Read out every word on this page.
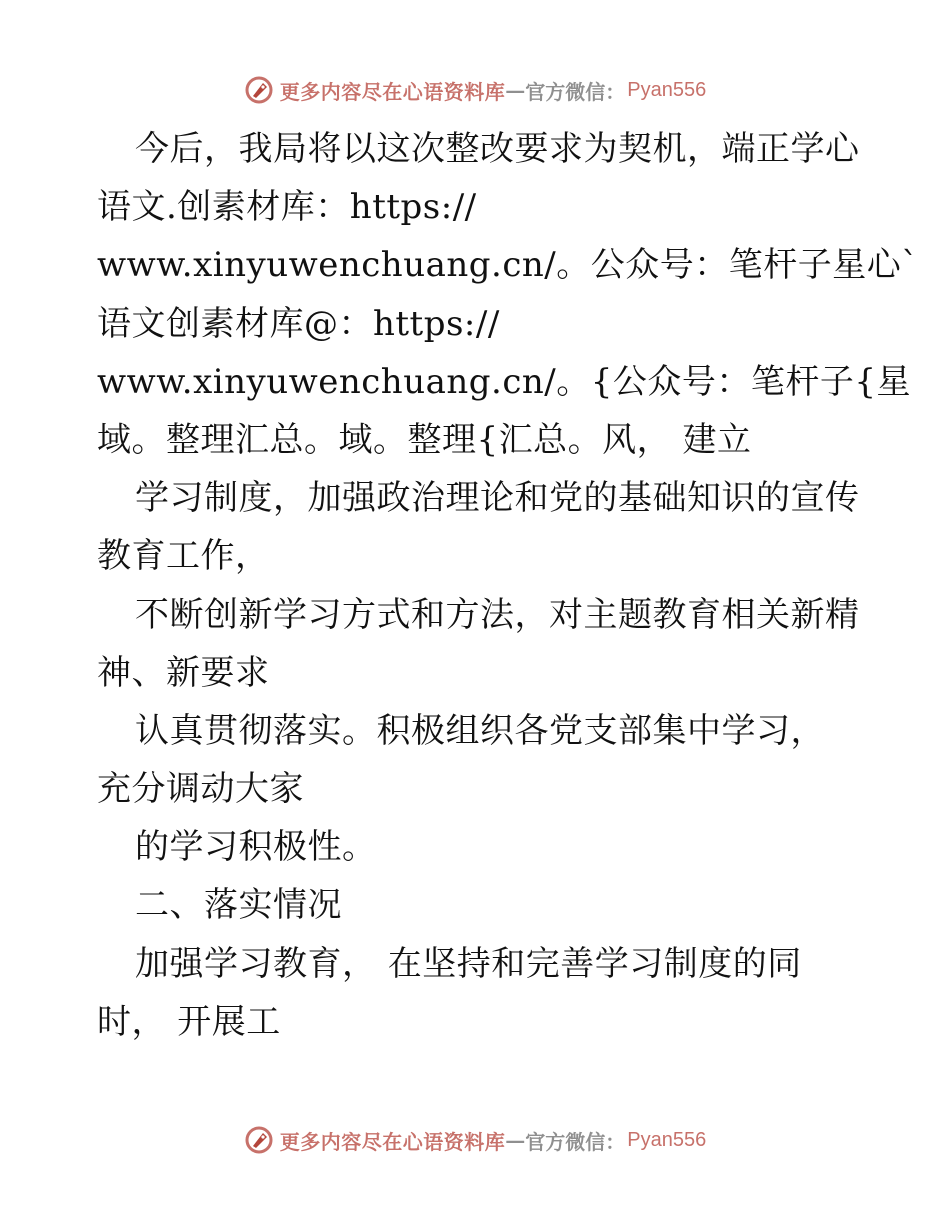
更多内容尽在心语资料库 — 官方微信： Pyan556
今后，我局将以这次整改要求为契机，端正学心
语文.创素材库：https://
www.xinyuwenchuang.cn/。公众号：笔杆子星心`
语文创素材库@：https://
www.xinyuwenchuang.cn/。{公众号：笔杆子{星
域。整理汇总。域。整理{汇总。风， 建立
学习制度，加强政治理论和党的基础知识的宣传
教育工作，
不断创新学习方式和方法，对主题教育相关新精
神、新要求
认真贯彻落实。积极组织各党支部集中学习，
充分调动大家
的学习积极性。
二、落实情况
加强学习教育， 在坚持和完善学习制度的同
时， 开展工
更多内容尽在心语资料库 — 官方微信： Pyan556
